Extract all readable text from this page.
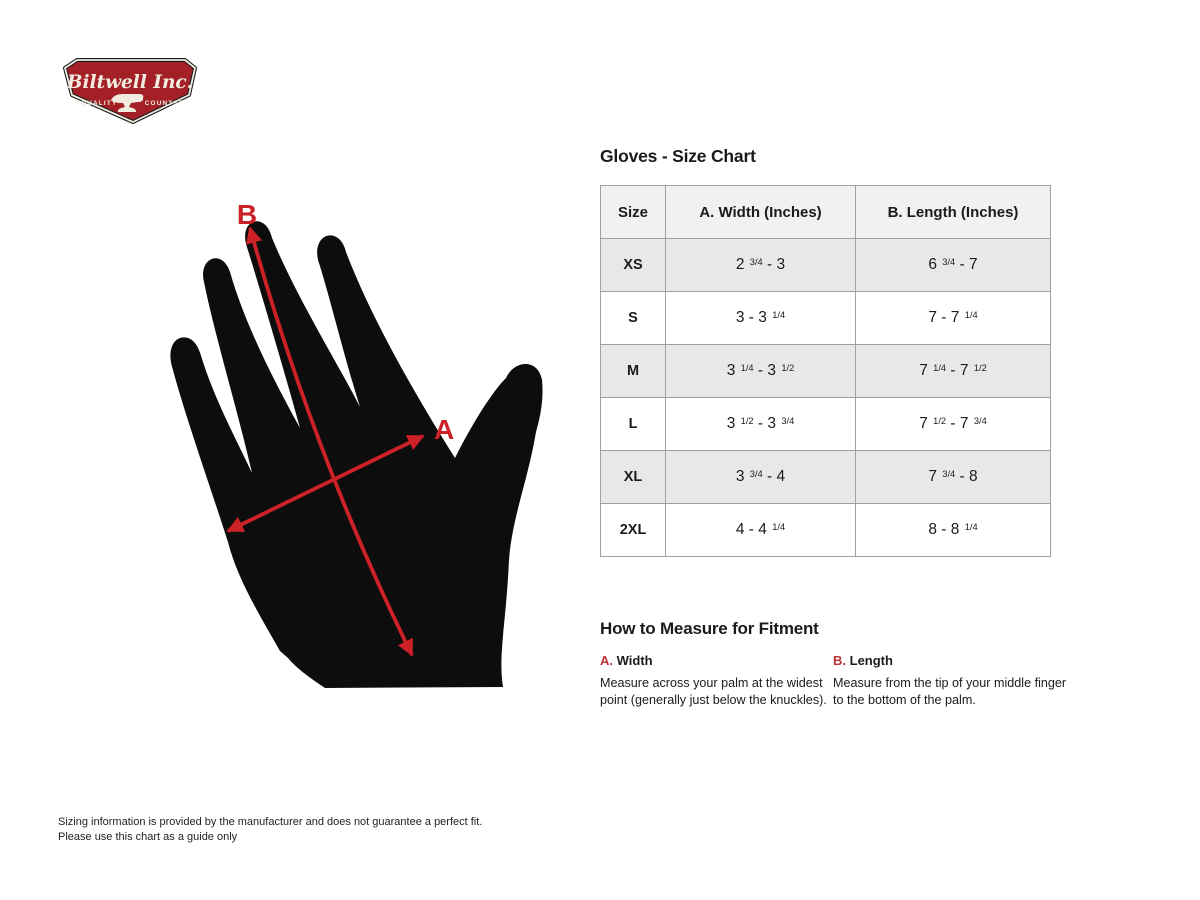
Biltwell Inc.
“QUALITY	COUNTS”
B
A
Gloves - Size Chart
Size	A. Width (Inches)	B. Length (Inches)
XS	2 $^{3/4}$ - 3	6 $^{3/4}$ - 7
S	3 - 3 $^{1/4}$	7 - 7 $^{1/4}$
M	3 $^{1/4}$ - 3 $^{1/2}$	7 $^{1/4}$ - 7 $^{1/2}$
L	3 $^{1/2}$ - 3 $^{3/4}$	7 $^{1/2}$ - 7 $^{3/4}$
XL	3 $^{3/4}$ - 4	7 $^{3/4}$ - 8
2XL	4 - 4 $^{1/4}$	8 - 8 $^{1/4}$
How to Measure for Fitment
A. Width

Measure across your palm at the widest point (generally just below the knuckles).

B. Length

Measure from the tip of your middle finger to the bottom of the palm.

Sizing information is provided by the manufacturer and does not guarantee a perfect fit.
Please use this chart as a guide only
